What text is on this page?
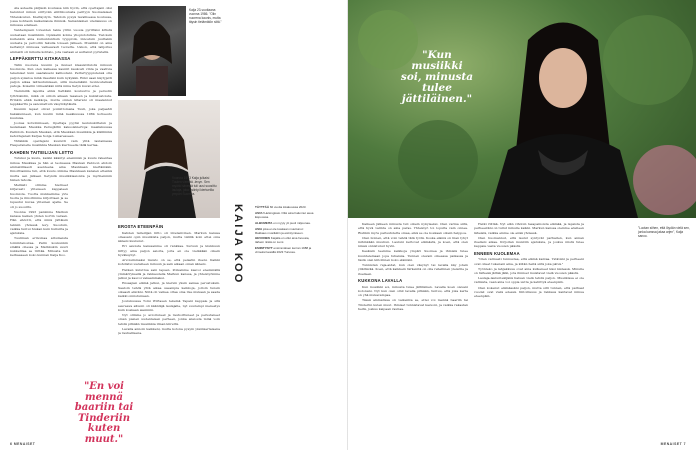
Ala asteella pärjäsin koulussa niin hyvin, että opettajani olisi halunnut minun siirtyvän eliittikoulusta peiltyyn Suomalaisen Yhteiskoulun. Kieltäydyin. Tahdoin pysyä tavallisessa koulussa, jossa kohtasin kaikenlaisia ihmisiä. Samanlainen uteliaisuus on minussa edelleen.

Vanhempieni toiveiden takia yritin vuosia pyrittäisi ärtistä uudestaan musiikkiin. Opiskelin kolme yliopistotutkia. Tietoisin kuitenkin aina kuinuntuntisin tyyppiviä, innostuin juuttakin uudesta ja pervoitin fakulla toiseen jälkeen. Musiikki on aina kertainyt minussa vaiheavasti tuotetta. Uskon, että lahjoitus ammatti oli minulle kohtalo, jota vastaan ei auttanut pyristellä.

LEPPÄKERTTU KITARASSA

Tätin nuorena kuunin ja ikuiset klassistitulotä minuun huomiota. Kun olen kaikessa kauniit kaukosti vinta ja vaativia tekemiset kuin saadakseni kalliostani. Perfertyyppistensä olla paljon syäaroa minä itsestäni kuin nykyään. Enkö saan käytyjetti paljon aikaa laittautumiseen, sillä menemäkin luonnostalissä pahoja. Kokeilin viimeistään niitä mina tietyn kuvat ettei.

Ylemmillä lapoilla ehkä tiettäkin kouluuttu ja perustin tyttöbändin, mikä oli silloin aikaan tasaisen ja kukistustoista. Erinkin ehkä keikkoja, mutta omien kitarani oli maalannut leppäkerttu ja sanomattuin väsyntäytäistä.

Kuumin lapset olivat poimittomana Tuuli, joka paljaahti hakakunneen, kun kuulin minä kesäkuussa 1984 kotiseutu kuuluisa.

Joonas kotiolimiseen, Opettaja pyytäi laulunukittelun ja laulamaan Maukka Perusjärfin kaksoiskiertoja: maaliskuussa Pallidoin. Kuulain Maukan, että Maukkan musiikkia ja kikilliinkä kehottajaneli Karjaa Sonja Lumaresseen.

Yhtäkkiä opettajani kuulutti vain yhtä laulamassa Hesperanelle musiikkia Maukan kiertueelle tällä kertaa.

KAHDEN TAITEILIJAN LIITTO

Tutuksi ja kuulu, kaikki kääntyi enemmän ja kuulu rakentaa minua Maukkaa ja hän ei teoksessa Maukan Pabloon ehdoin ammatillisesti asenteena aina Maukkaan kiertämään. Ilmoittiamme tuli, että kuulu olimme Maukkaan kansien ettenkä mutta sen jälkeen tietyistä musiikkiasioista ja myöhemmin hänen taholle.

Mellästi olimme hierneet kirjavasti yhteiseen kappaleen huomiota. Tuotta mukkaimme ylös tuolla ja ilmoitimme kirjoittaen ja se lupautui kuvaa yhteinen ajalla. Se oli jo suosittu.

Vuonna 1993 panimme Markun kanssa kaiken yhden kortin varaan. Hän ehdotti, että minä jättäisin tekisin yhdessä levy. Suostuin, vaikka tuntui hiukan kuin hulluilta ja ajatuksia.

Tuuliman erinomaa albumeista toimintanostaa. Parin koukunkin sinällä ollessa ja Markkukin suuri nukketilaa se riittää. Minusta tuli kerkaaseen koko kunnan Kaija Koo.

Kaija 23-vuotiaana vuonna 1986. "Olin nuorena kaunis, mutta täysin tietämätön siitä."
Vuonna 1993 Kaija julkaisi Tuulen viemää -levyn. Sen myötä hänestä tuli uusi suosittu laulaja, joka esiintyi kiertueilla ympäri Suomea.
"En voi mennä baariin tai Tinderiin kuten muut."
EROSTA ETEENPÄIN

Kahden taiteilijan liitto oli intensiivinen. Markun kanssa ollessani opin musiikista paljon, mutta välillä koin ettei oma ääneni kuulunut.

Eri asioista kanssamme oli rankkaa. Suruun ja kiukkuun liittyy aina paljon asioita, joita en ole vieläkään oikein hyväksynyt.

Arvoisimmaksi muisto on se, että pelastin itseni. Kaikki kohdistui uudelleen minuun ja sain aikaan oman ääneni.

Hetken kuluttua sain lapsen. Poikamme kasvoi enemmällä ymmärryksellä ja rakkaudella Markun kanssa, ja yhteistyömme jatkui ja kasvoi vakaammaksi.

Ensaajien elämä jatkui, ja kiersin yksin samaa perustuksin. Saatoin tehdä yhtä aikaa useampia keikkoja, jolloin tunsin oikeasti eläväni. Niitä oli vaikea ottaa oma itse mukaan ja saada kaikki onnistumaan.

Joulukuussa Tomi Wirtasen tekemä Tapani kappale ja sitä seuraava albumi oli kääntäjä laulajalle, nyt suurempi menestys kuin koskaan aiemmin.

Nyt olimme jo avioituneet ja rauhoittuneet ja perustaneet oman pienen uudenlaisen perheen, jonka ansiosta minä voin tehdä pitkään musiikkia ilman kiirettä.

Lavalla annoin kaikkeni, mutta kotona pysyin yksinkertaisena ja rauhallisena.

KAIJA KOO	TÄYTTÄÄ 60 vuotta lokakuussa 2023.
ASUU Helsingissä. Olisi aina halunnut asua Espoossa.
ALBUMEITA on myyty yli puoli miljoonaa.
ASIA joka ei ole koskaan muuttunut: Rakkaus musiikkiin ja esiintymiseen.
HEVONEN Kaijalla on ollut aina hevosia, tärkein niistä on Lumi.
ESIINTYNYT ensimmäisen kerran 1988 ja viimeksi kesällä 2023 Turussa.
6 MENAISET
"Kun musiikki soi, minusta tulee jättiläinen."

Kaikeen jälkeen minusta tuli oikein nykyiseksi. Olen varma siitä, että hyvä valinta on aina paras. Yhteistyö toi lopulta vain onnea. Ristikin myös parisuhdetta omaa, eikä se ole koskaan oikein helppoa.

Olen iloinen, että voin tehdä tätä työtä. Koska elämä on liian lyhyt mihinkään muuhun. Lauluni kertovat elämästä, ja koen, että olen niissä onnistunut hyvin.

Kesäisin teemme keikkoja ympäri Suomea ja ihmisiä tulee kuuntelemaan jopa tuhansia. Tunnen olevani oikeassa paikassa ja tästä olen kiitollinen koko elämäni.

Tunnistan raja-aidat, kun olen väsynyt tai lavalla käy jotain yllättävää. Koen, että kaikkein tärkeintä on olla rehellinen yleisölle ja itselleen.

KUKKONA LAVALLA

Kun musiikki soi, minusta tulee jättiläinen. Lavalla koen olevani kotonani. Nyt kun olen ollut lavalla pitkään, tuntuu, että joka kerta on yhä mukavampaa.

Tässä ammatissa on vaikeinta se, ettei voi mennä baariin tai Tinderiin kuten muut. Ihmiset tunnistavat kasvoni, ja vaikka rakastan heitä, joskus kaipaan rauhaa.

Hetki riittää. Nyt elän vihdoin tasapainoista elämää, ja lapsista ja perheestäni on tullut minulle kaikki. Markun kanssa olemme edelleen läheisiä, vaikka emme ole enää yhdessä.

Olen huomannut, että laulut syntyvät parhaiten, kun annan itselleni aikaa. Kirjoitan muistiin ajatuksia, ja joskus niistä tulee kappale vasta vuosien päästä.

ENNEEN KUOLEMAA

"Olen varmasti tunnustaa, että elämä kantaa. Ystäväni ja perheeni ovat olleet tukenani aina, ja kiitän heitä siitä joka päivä."

Työnteko ja lahjakkuus ovat aina kulkeneet käsi kädessä. Minulle on tärkeää jättää jälki, jota ihmiset muistavat vielä vuosien päästä.

Laulaja-lauluntekijänä haluan vielä tehdä paljon. Musiikissa ei ole valmista, vaan aina voi oppia uutta ja kehittyä eteenpäin.

Olen kokenut elämässäni paljon, mutta silti tunnen, että parhaat vuodet ovat vielä edessä. Kiitollisuus ja rakkaus kantavat minua eteenpäin.

"Luotan siihen, että löydän vielä sen, jonka kanssa jakaa arjen", Kaija sanoo.
MENAISET 7
